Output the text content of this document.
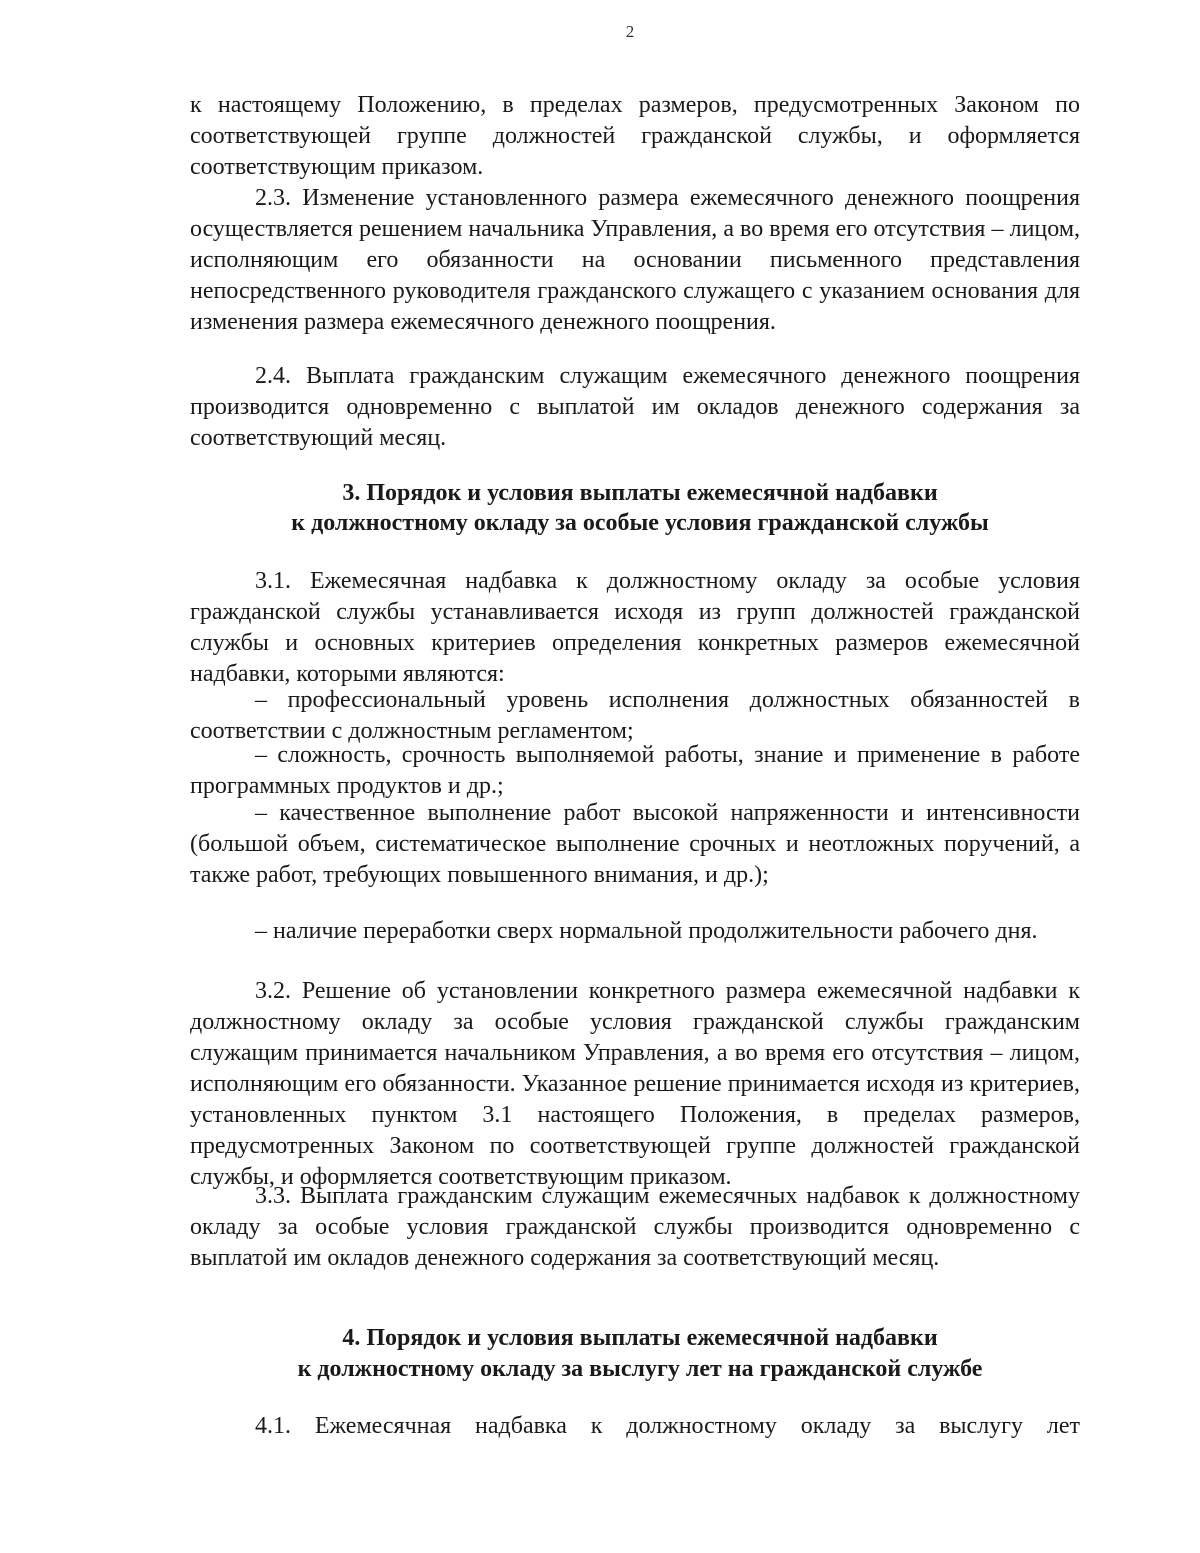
2

к настоящему Положению, в пределах размеров, предусмотренных Законом по соответствующей группе должностей гражданской службы, и оформляется соответствующим приказом.

2.3. Изменение установленного размера ежемесячного денежного поощрения осуществляется решением начальника Управления, а во время его отсутствия – лицом, исполняющим его обязанности на основании письменного представления непосредственного руководителя гражданского служащего с указанием основания для изменения размера ежемесячного денежного поощрения.

2.4. Выплата гражданским служащим ежемесячного денежного поощрения производится одновременно с выплатой им окладов денежного содержания за соответствующий месяц.

3. Порядок и условия выплаты ежемесячной надбавки
к должностному окладу за особые условия гражданской службы

3.1. Ежемесячная надбавка к должностному окладу за особые условия гражданской службы устанавливается исходя из групп должностей гражданской службы и основных критериев определения конкретных размеров ежемесячной надбавки, которыми являются:

– профессиональный уровень исполнения должностных обязанностей в соответствии с должностным регламентом;

– сложность, срочность выполняемой работы, знание и применение в работе программных продуктов и др.;

– качественное выполнение работ высокой напряженности и интенсивности (большой объем, систематическое выполнение срочных и неотложных поручений, а также работ, требующих повышенного внимания, и др.);

– наличие переработки сверх нормальной продолжительности рабочего дня.

3.2. Решение об установлении конкретного размера ежемесячной надбавки к должностному окладу за особые условия гражданской службы гражданским служащим принимается начальником Управления, а во время его отсутствия – лицом, исполняющим его обязанности. Указанное решение принимается исходя из критериев, установленных пунктом 3.1 настоящего Положения, в пределах размеров, предусмотренных Законом по соответствующей группе должностей гражданской службы, и оформляется соответствующим приказом.

3.3. Выплата гражданским служащим ежемесячных надбавок к должностному окладу за особые условия гражданской службы производится одновременно с выплатой им окладов денежного содержания за соответствующий месяц.

4. Порядок и условия выплаты ежемесячной надбавки
к должностному окладу за выслугу лет на гражданской службе

4.1. Ежемесячная надбавка к должностному окладу за выслугу лет
